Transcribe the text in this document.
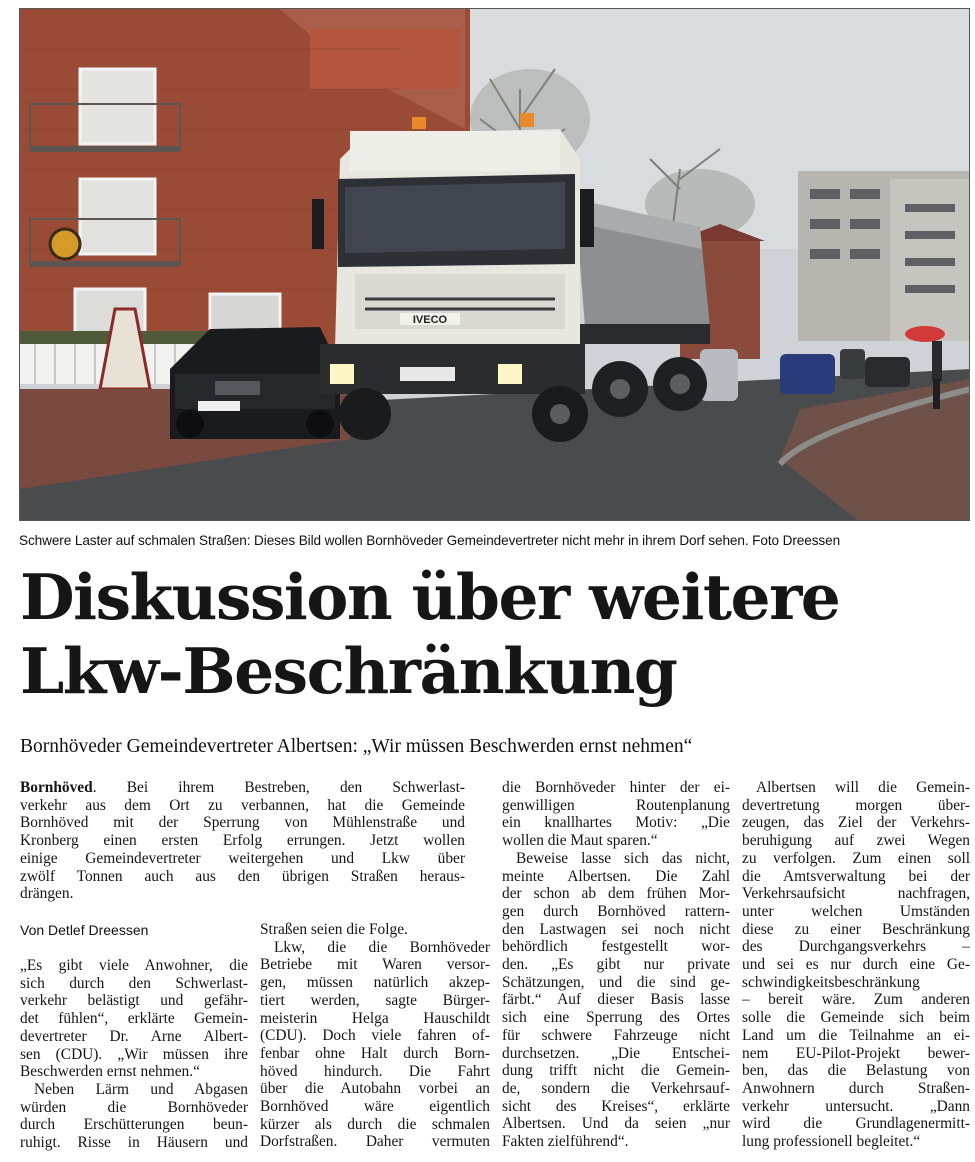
IVECO
Schwere Laster auf schmalen Straßen: Dieses Bild wollen Bornhöveder Gemeindevertreter nicht mehr in ihrem Dorf sehen. Foto Dreessen
Diskussion über weitere
Lkw-Beschränkung
Bornhöveder Gemeindevertreter Albertsen: „Wir müssen Beschwerden ernst nehmen“
Bornhöved. Bei ihrem Bestreben, den Schwerlast-
verkehr aus dem Ort zu verbannen, hat die Gemeinde
Bornhöved mit der Sperrung von Mühlenstraße und
Kronberg einen ersten Erfolg errungen. Jetzt wollen
einige Gemeindevertreter weitergehen und Lkw über
zwölf Tonnen auch aus den übrigen Straßen heraus-
drängen.
Von Detlef Dreessen
„Es gibt viele Anwohner, die
sich durch den Schwerlast-
verkehr belästigt und gefähr-
det fühlen“, erklärte Gemein-
devertreter Dr. Arne Albert-
sen (CDU). „Wir müssen ihre
Beschwerden ernst nehmen.“
Neben Lärm und Abgasen
würden die Bornhöveder
durch Erschütterungen beun-
ruhigt. Risse in Häusern und
Straßen seien die Folge.
Lkw, die die Bornhöveder
Betriebe mit Waren versor-
gen, müssen natürlich akzep-
tiert werden, sagte Bürger-
meisterin Helga Hauschildt
(CDU). Doch viele fahren of-
fenbar ohne Halt durch Born-
höved hindurch. Die Fahrt
über die Autobahn vorbei an
Bornhöved wäre eigentlich
kürzer als durch die schmalen
Dorfstraßen. Daher vermuten
die Bornhöveder hinter der ei-
genwilligen Routenplanung
ein knallhartes Motiv: „Die
wollen die Maut sparen.“
Beweise lasse sich das nicht,
meinte Albertsen. Die Zahl
der schon ab dem frühen Mor-
gen durch Bornhöved rattern-
den Lastwagen sei noch nicht
behördlich festgestellt wor-
den. „Es gibt nur private
Schätzungen, und die sind ge-
färbt.“ Auf dieser Basis lasse
sich eine Sperrung des Ortes
für schwere Fahrzeuge nicht
durchsetzen. „Die Entschei-
dung trifft nicht die Gemein-
de, sondern die Verkehrsauf-
sicht des Kreises“, erklärte
Albertsen. Und da seien „nur
Fakten zielführend“.
Albertsen will die Gemein-
devertretung morgen über-
zeugen, das Ziel der Verkehrs-
beruhigung auf zwei Wegen
zu verfolgen. Zum einen soll
die Amtsverwaltung bei der
Verkehrsaufsicht nachfragen,
unter welchen Umständen
diese zu einer Beschränkung
des Durchgangsverkehrs –
und sei es nur durch eine Ge-
schwindigkeitsbeschränkung
– bereit wäre. Zum anderen
solle die Gemeinde sich beim
Land um die Teilnahme an ei-
nem EU-Pilot-Projekt bewer-
ben, das die Belastung von
Anwohnern durch Straßen-
verkehr untersucht. „Dann
wird die Grundlagenermitt-
lung professionell begleitet.“
